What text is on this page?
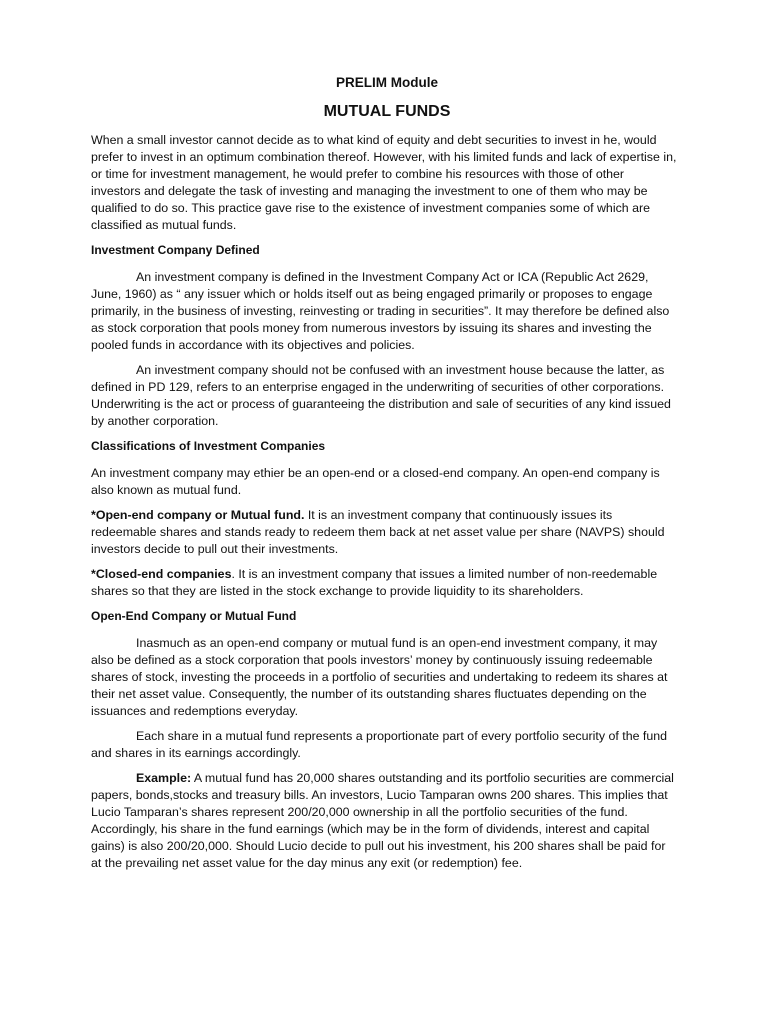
PRELIM Module
MUTUAL FUNDS

When a small investor cannot decide as to what kind of equity and debt securities to invest in he, would prefer to invest in an optimum combination thereof. However, with his limited funds and lack of expertise in, or time for investment management, he would prefer to combine his resources with those of other investors and delegate the task of investing and managing the investment to one of them who may be qualified to do so. This practice gave rise to the existence of investment companies some of which are classified as mutual funds.

Investment Company Defined

An investment company is defined in the Investment Company Act or ICA (Republic Act 2629, June, 1960) as “ any issuer which or holds itself out as being engaged primarily or proposes to engage primarily, in the business of investing, reinvesting or trading in securities”. It may therefore be defined also as stock corporation that pools money from numerous investors by issuing its shares and investing the pooled funds in accordance with its objectives and policies.

An investment company should not be confused with an investment house because the latter, as defined in PD 129, refers to an enterprise engaged in the underwriting of securities of other corporations. Underwriting is the act or process of guaranteeing the distribution and sale of securities of any kind issued by another corporation.

Classifications of Investment Companies

An investment company may ethier be an open-end or a closed-end company. An open-end company is also known as mutual fund.

*Open-end company or Mutual fund. It is an investment company that continuously issues its redeemable shares and stands ready to redeem them back at net asset value per share (NAVPS) should investors decide to pull out their investments.

*Closed-end companies. It is an investment company that issues a limited number of non-reedemable shares so that they are listed in the stock exchange to provide liquidity to its shareholders.

Open-End Company or Mutual Fund

Inasmuch as an open-end company or mutual fund is an open-end investment company, it may also be defined as a stock corporation that pools investors’ money by continuously issuing redeemable shares of stock, investing the proceeds in a portfolio of securities and undertaking to redeem its shares at their net asset value. Consequently, the number of its outstanding shares fluctuates depending on the issuances and redemptions everyday.

Each share in a mutual fund represents a proportionate part of every portfolio security of the fund and shares in its earnings accordingly.

Example: A mutual fund has 20,000 shares outstanding and its portfolio securities are commercial papers, bonds,stocks and treasury bills. An investors, Lucio Tamparan owns 200 shares. This implies that Lucio Tamparan’s shares represent 200/20,000 ownership in all the portfolio securities of the fund. Accordingly, his share in the fund earnings (which may be in the form of dividends, interest and capital gains) is also 200/20,000. Should Lucio decide to pull out his investment, his 200 shares shall be paid for at the prevailing net asset value for the day minus any exit (or redemption) fee.
